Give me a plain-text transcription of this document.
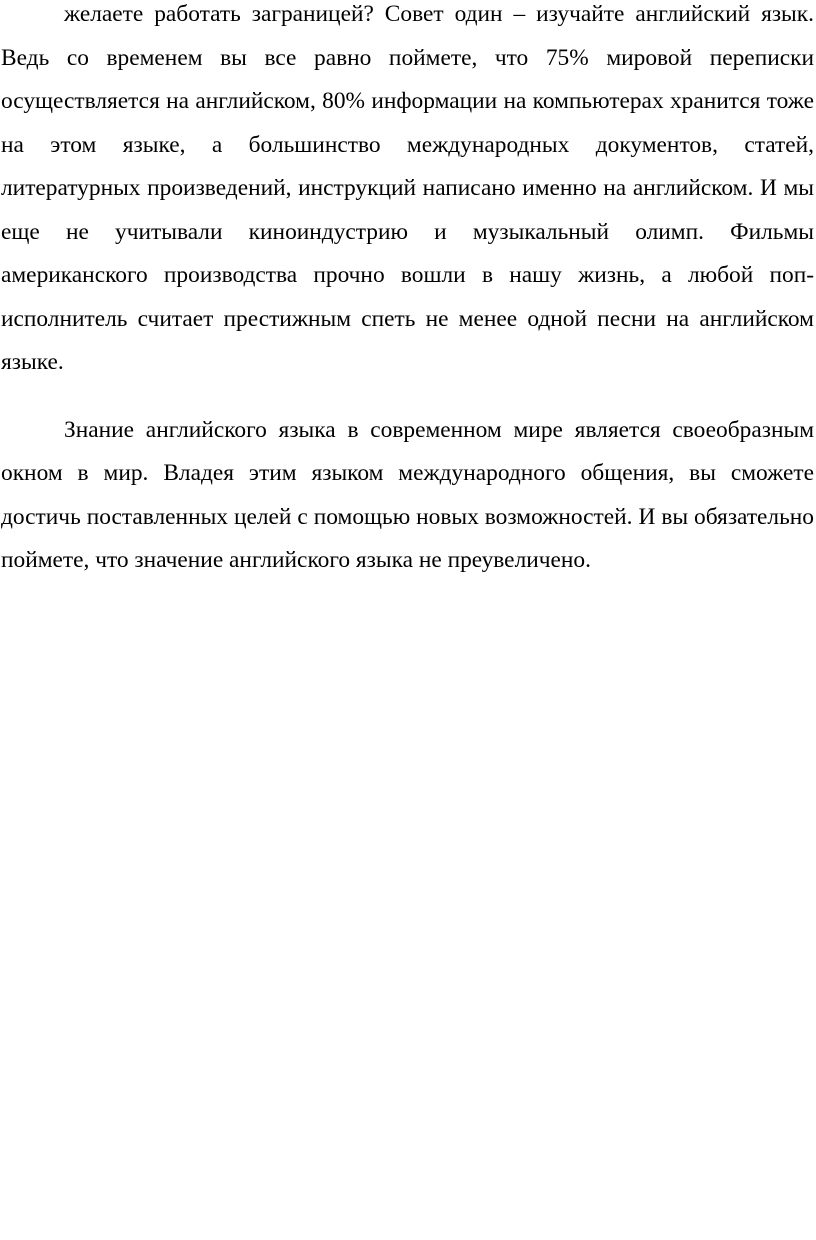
желаете работать заграницей? Совет один – изучайте английский язык. Ведь со временем вы все равно поймете, что 75% мировой переписки осуществляется на английском, 80% информации на компьютерах хранится тоже на этом языке, а большинство международных документов, статей, литературных произведений, инструкций написано именно на английском. И мы еще не учитывали киноиндустрию и музыкальный олимп. Фильмы американского производства прочно вошли в нашу жизнь, а любой поп-исполнитель считает престижным спеть не менее одной песни на английском языке.

Знание английского языка в современном мире является своеобразным окном в мир. Владея этим языком международного общения, вы сможете достичь поставленных целей с помощью новых возможностей. И вы обязательно поймете, что значение английского языка не преувеличено.
